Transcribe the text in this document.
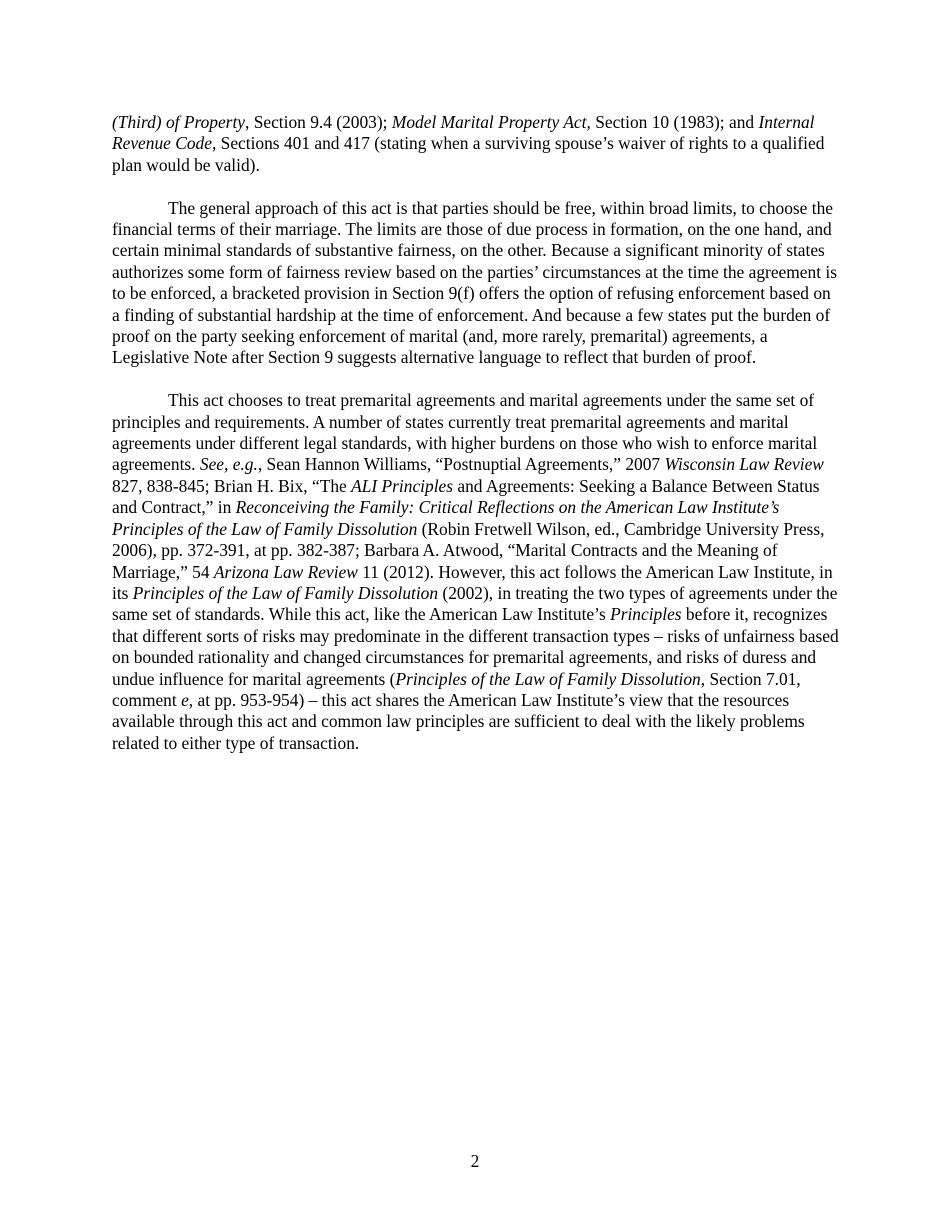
(Third) of Property, Section 9.4 (2003); Model Marital Property Act, Section 10 (1983); and Internal Revenue Code, Sections 401 and 417 (stating when a surviving spouse’s waiver of rights to a qualified plan would be valid).

The general approach of this act is that parties should be free, within broad limits, to choose the financial terms of their marriage. The limits are those of due process in formation, on the one hand, and certain minimal standards of substantive fairness, on the other. Because a significant minority of states authorizes some form of fairness review based on the parties’ circumstances at the time the agreement is to be enforced, a bracketed provision in Section 9(f) offers the option of refusing enforcement based on a finding of substantial hardship at the time of enforcement. And because a few states put the burden of proof on the party seeking enforcement of marital (and, more rarely, premarital) agreements, a Legislative Note after Section 9 suggests alternative language to reflect that burden of proof.

This act chooses to treat premarital agreements and marital agreements under the same set of principles and requirements. A number of states currently treat premarital agreements and marital agreements under different legal standards, with higher burdens on those who wish to enforce marital agreements. See, e.g., Sean Hannon Williams, “Postnuptial Agreements,” 2007 Wisconsin Law Review 827, 838-845; Brian H. Bix, “The ALI Principles and Agreements: Seeking a Balance Between Status and Contract,” in Reconceiving the Family: Critical Reflections on the American Law Institute’s Principles of the Law of Family Dissolution (Robin Fretwell Wilson, ed., Cambridge University Press, 2006), pp. 372-391, at pp. 382-387; Barbara A. Atwood, “Marital Contracts and the Meaning of Marriage,” 54 Arizona Law Review 11 (2012). However, this act follows the American Law Institute, in its Principles of the Law of Family Dissolution (2002), in treating the two types of agreements under the same set of standards. While this act, like the American Law Institute’s Principles before it, recognizes that different sorts of risks may predominate in the different transaction types – risks of unfairness based on bounded rationality and changed circumstances for premarital agreements, and risks of duress and undue influence for marital agreements (Principles of the Law of Family Dissolution, Section 7.01, comment e, at pp. 953-954) – this act shares the American Law Institute’s view that the resources available through this act and common law principles are sufficient to deal with the likely problems related to either type of transaction.

2
